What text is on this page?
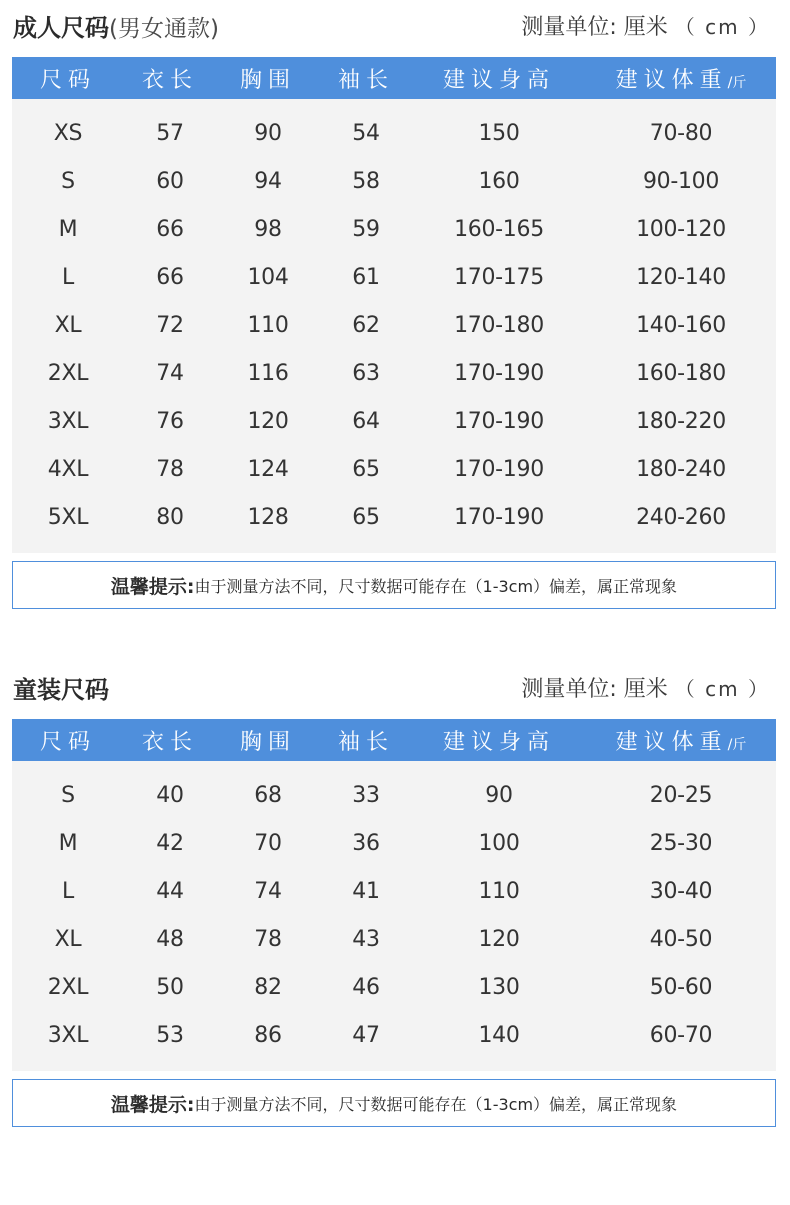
成人尺码(男女通款)	测量单位: 厘米 （ cm ）
尺码	衣长	胸围	袖长	建议身高	建议体重/斤

XS	57	90	54	150	70-80
S	60	94	58	160	90-100
M	66	98	59	160-165	100-120
L	66	104	61	170-175	120-140
XL	72	110	62	170-180	140-160
2XL	74	116	63	170-190	160-180
3XL	76	120	64	170-190	180-220
4XL	78	124	65	170-190	180-240
5XL	80	128	65	170-190	240-260

温馨提示: 由于测量方法不同，尺寸数据可能存在（1-3cm）偏差，属正常现象
童装尺码	测量单位: 厘米 （ cm ）
尺码	衣长	胸围	袖长	建议身高	建议体重/斤

S	40	68	33	90	20-25
M	42	70	36	100	25-30
L	44	74	41	110	30-40
XL	48	78	43	120	40-50
2XL	50	82	46	130	50-60
3XL	53	86	47	140	60-70

温馨提示: 由于测量方法不同，尺寸数据可能存在（1-3cm）偏差，属正常现象
